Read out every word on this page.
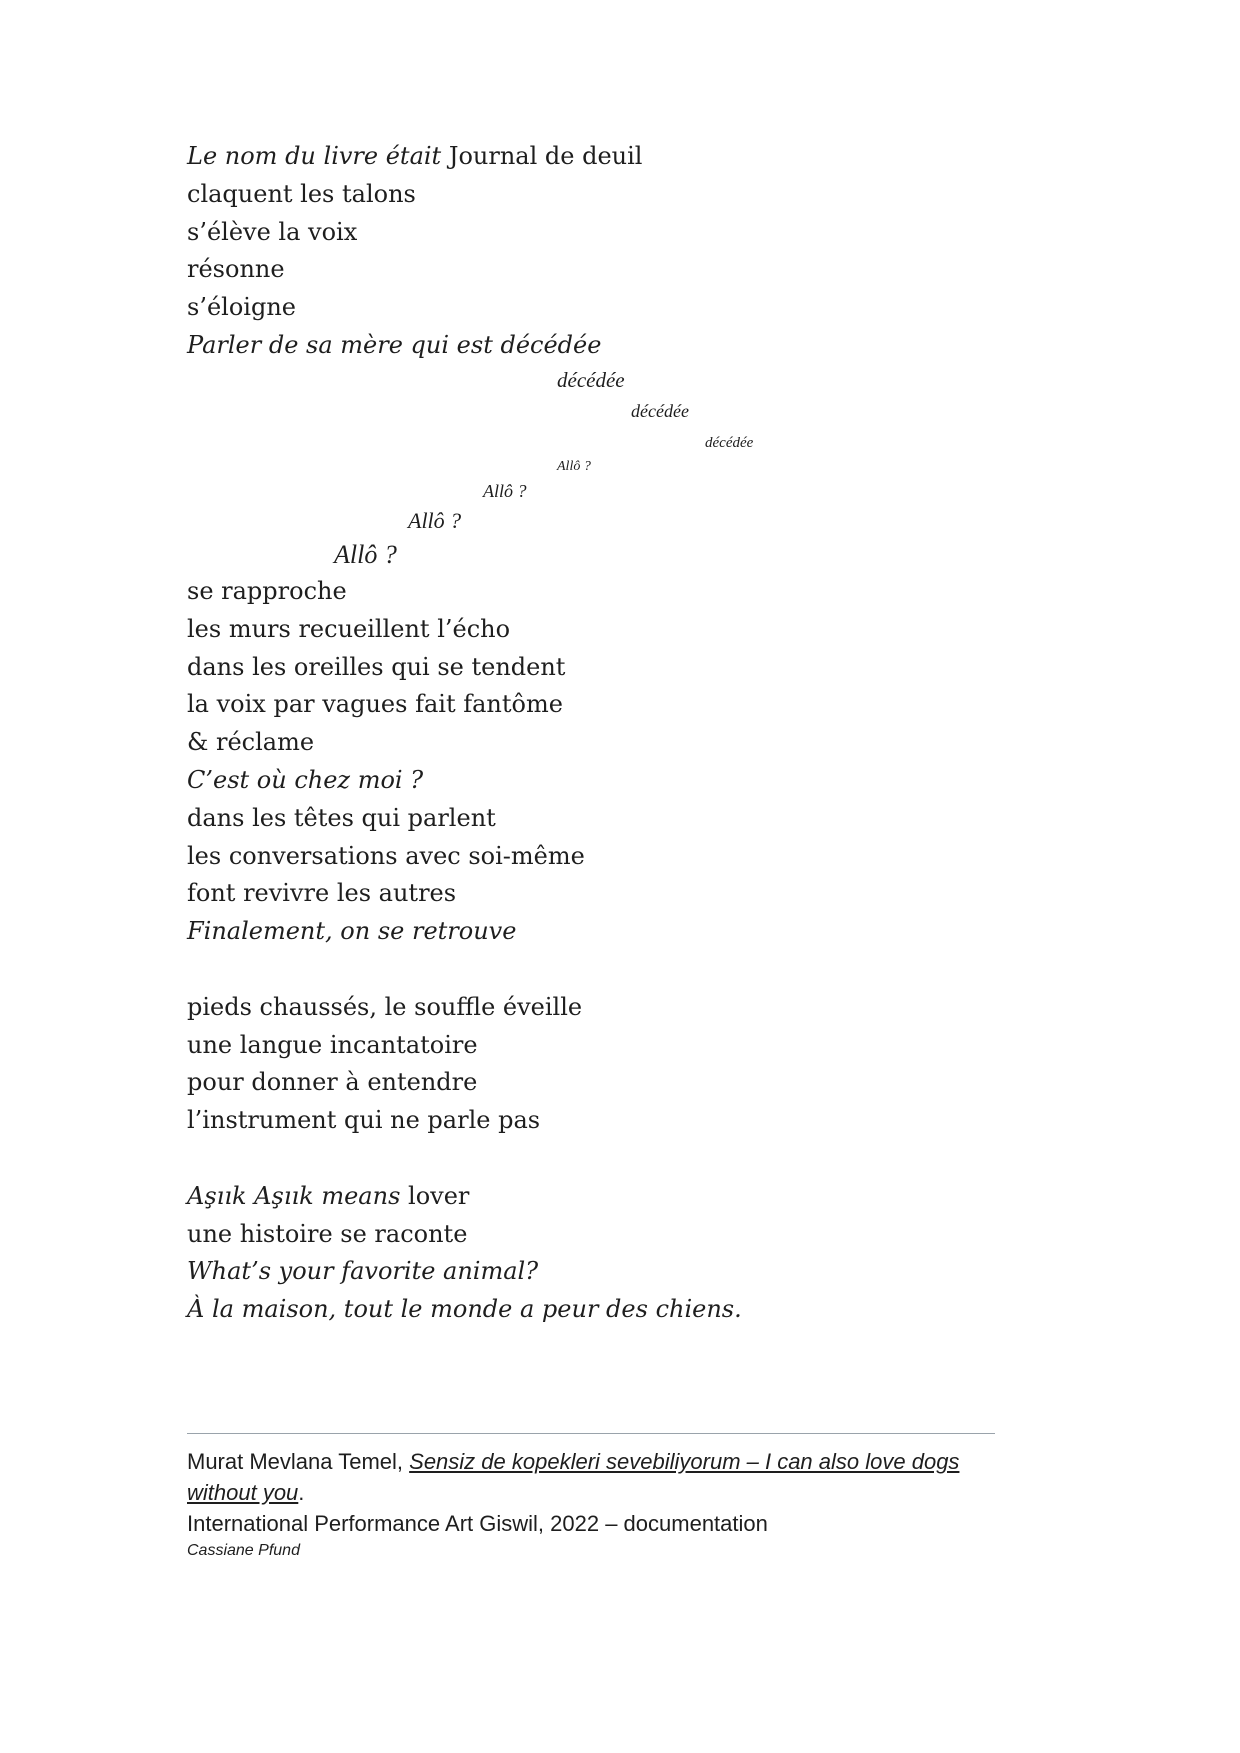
Le nom du livre était Journal de deuil
claquent les talons
s’élève la voix
résonne
s’éloigne
Parler de sa mère qui est décédée
décédée
décédée
décédée
Allô ?
Allô ?
Allô ?
Allô ?
se rapproche
les murs recueillent l’écho
dans les oreilles qui se tendent
la voix par vagues fait fantôme
& réclame
C’est où chez moi ?
dans les têtes qui parlent
les conversations avec soi-même
font revivre les autres
Finalement, on se retrouve
pieds chaussés, le souffle éveille
une langue incantatoire
pour donner à entendre
l’instrument qui ne parle pas
Aşıık Aşıık means lover
une histoire se raconte
What’s your favorite animal?
À la maison, tout le monde a peur des chiens.
Murat Mevlana Temel, Sensiz de kopekleri sevebiliyorum – I can also love dogs without you.
International Performance Art Giswil, 2022 – documentation
Cassiane Pfund
